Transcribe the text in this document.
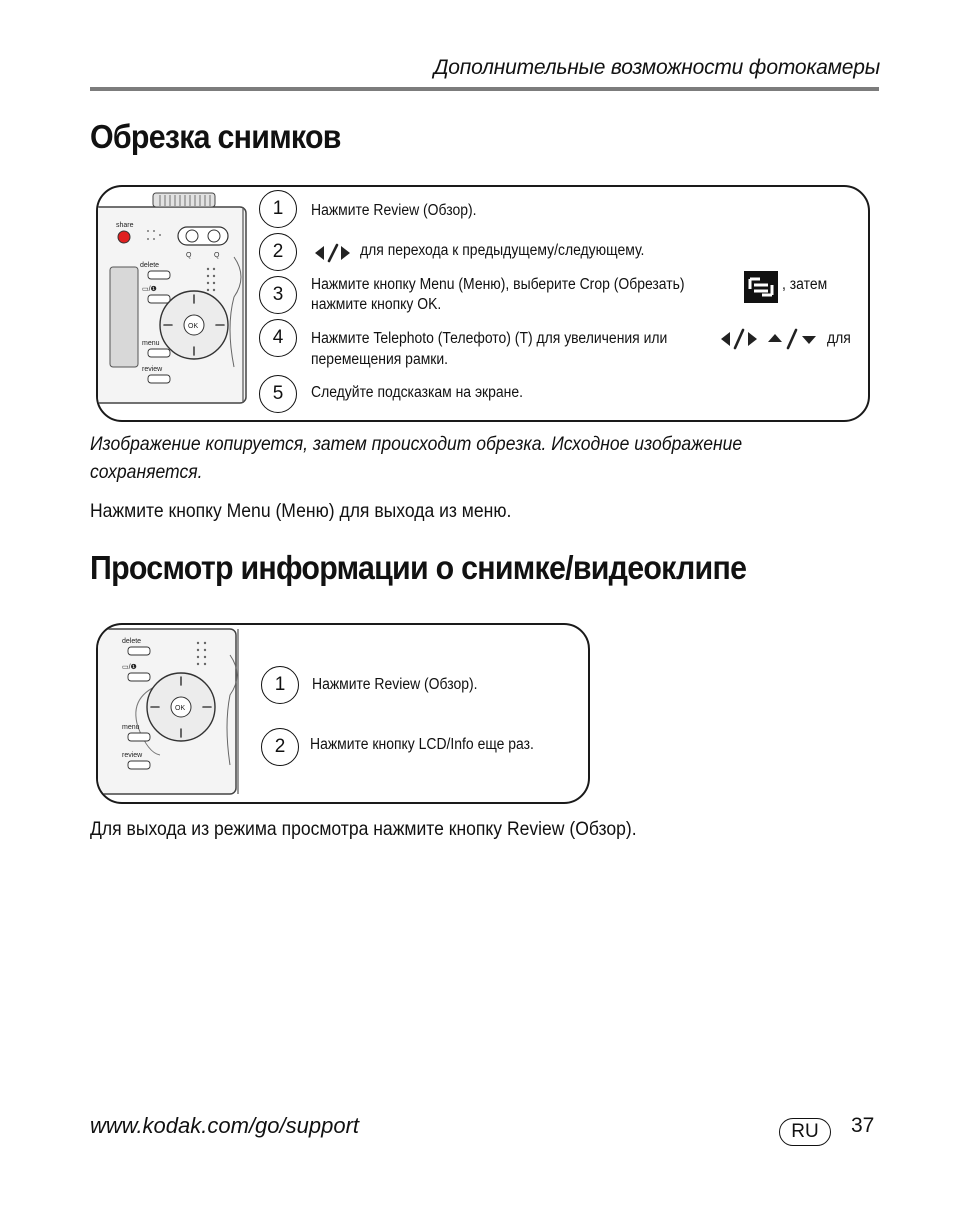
Дополнительные возможности фотокамеры
Обрезка снимков
share
Q	Q
delete
▭/❶
OK
menu
review
1	Нажмите Review (Обзор).
2	для перехода к предыдущему/следующему.
3	Нажмите кнопку Menu (Меню), выберите Crop (Обрезать)	, затем
нажмите кнопку OK.
4	Нажмите Telephoto (Телефото) (T) для увеличения или	для
перемещения рамки.
5	Следуйте подсказкам на экране.
Изображение копируется, затем происходит обрезка. Исходное изображение
сохраняется.
Нажмите кнопку Menu (Меню) для выхода из меню.
Просмотр информации о снимке/видеоклипе
delete
▭/❶
OK
menu
review
1	Нажмите Review (Обзор).
2	Нажмите кнопку LCD/Info еще раз.
Для выхода из режима просмотра нажмите кнопку Review (Обзор).
www.kodak.com/go/support	RU	37
